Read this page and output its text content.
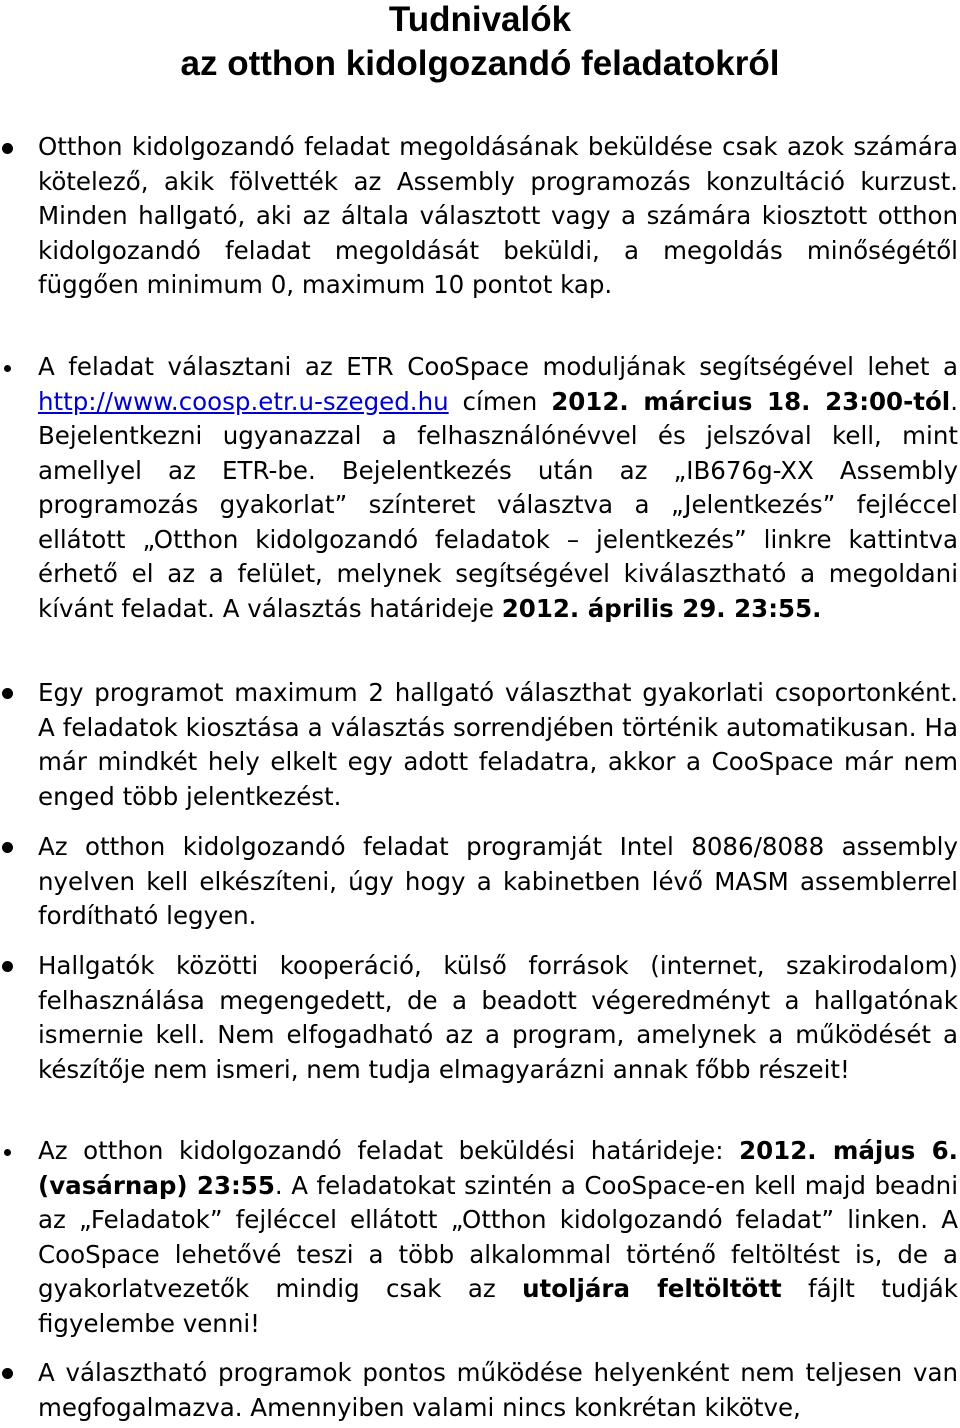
Tudnivalók
az otthon kidolgozandó feladatokról

Otthon kidolgozandó feladat megoldásának beküldése csak azok számára kötelező, akik fölvették az Assembly programozás konzultáció kurzust. Minden hallgató, aki az általa választott vagy a számára kiosztott otthon kidolgozandó feladat megoldását beküldi, a megoldás minőségétől függően minimum 0, maximum 10 pontot kap.

A feladat választani az ETR CooSpace moduljának segítségével lehet a http://www.coosp.etr.u-szeged.hu címen 2012. március 18. 23:00-tól. Bejelentkezni ugyanazzal a felhasználónévvel és jelszóval kell, mint amellyel az ETR-be. Bejelentkezés után az „IB676g-XX Assembly programozás gyakorlat” színteret választva a „Jelentkezés” fejléccel ellátott „Otthon kidolgozandó feladatok – jelentkezés” linkre kattintva érhető el az a felület, melynek segítségével kiválasztható a megoldani kívánt feladat. A választás határideje 2012. április 29. 23:55.

Egy programot maximum 2 hallgató választhat gyakorlati csoportonként. A feladatok kiosztása a választás sorrendjében történik automatikusan. Ha már mindkét hely elkelt egy adott feladatra, akkor a CooSpace már nem enged több jelentkezést.

Az otthon kidolgozandó feladat programját Intel 8086/8088 assembly nyelven kell elkészíteni, úgy hogy a kabinetben lévő MASM assemblerrel fordítható legyen.

Hallgatók közötti kooperáció, külső források (internet, szakirodalom) felhasználása megengedett, de a beadott végeredményt a hallgatónak ismernie kell. Nem elfogadható az a program, amelynek a működését a készítője nem ismeri, nem tudja elmagyarázni annak főbb részeit!

Az otthon kidolgozandó feladat beküldési határideje: 2012. május 6. (vasárnap) 23:55. A feladatokat szintén a CooSpace-en kell majd beadni az „Feladatok” fejléccel ellátott „Otthon kidolgozandó feladat” linken. A CooSpace lehetővé teszi a több alkalommal történő feltöltést is, de a gyakorlatvezetők mindig csak az utoljára feltöltött fájlt tudják figyelembe venni!

A választható programok pontos működése helyenként nem teljesen van megfogalmazva. Amennyiben valami nincs konkrétan kikötve,
